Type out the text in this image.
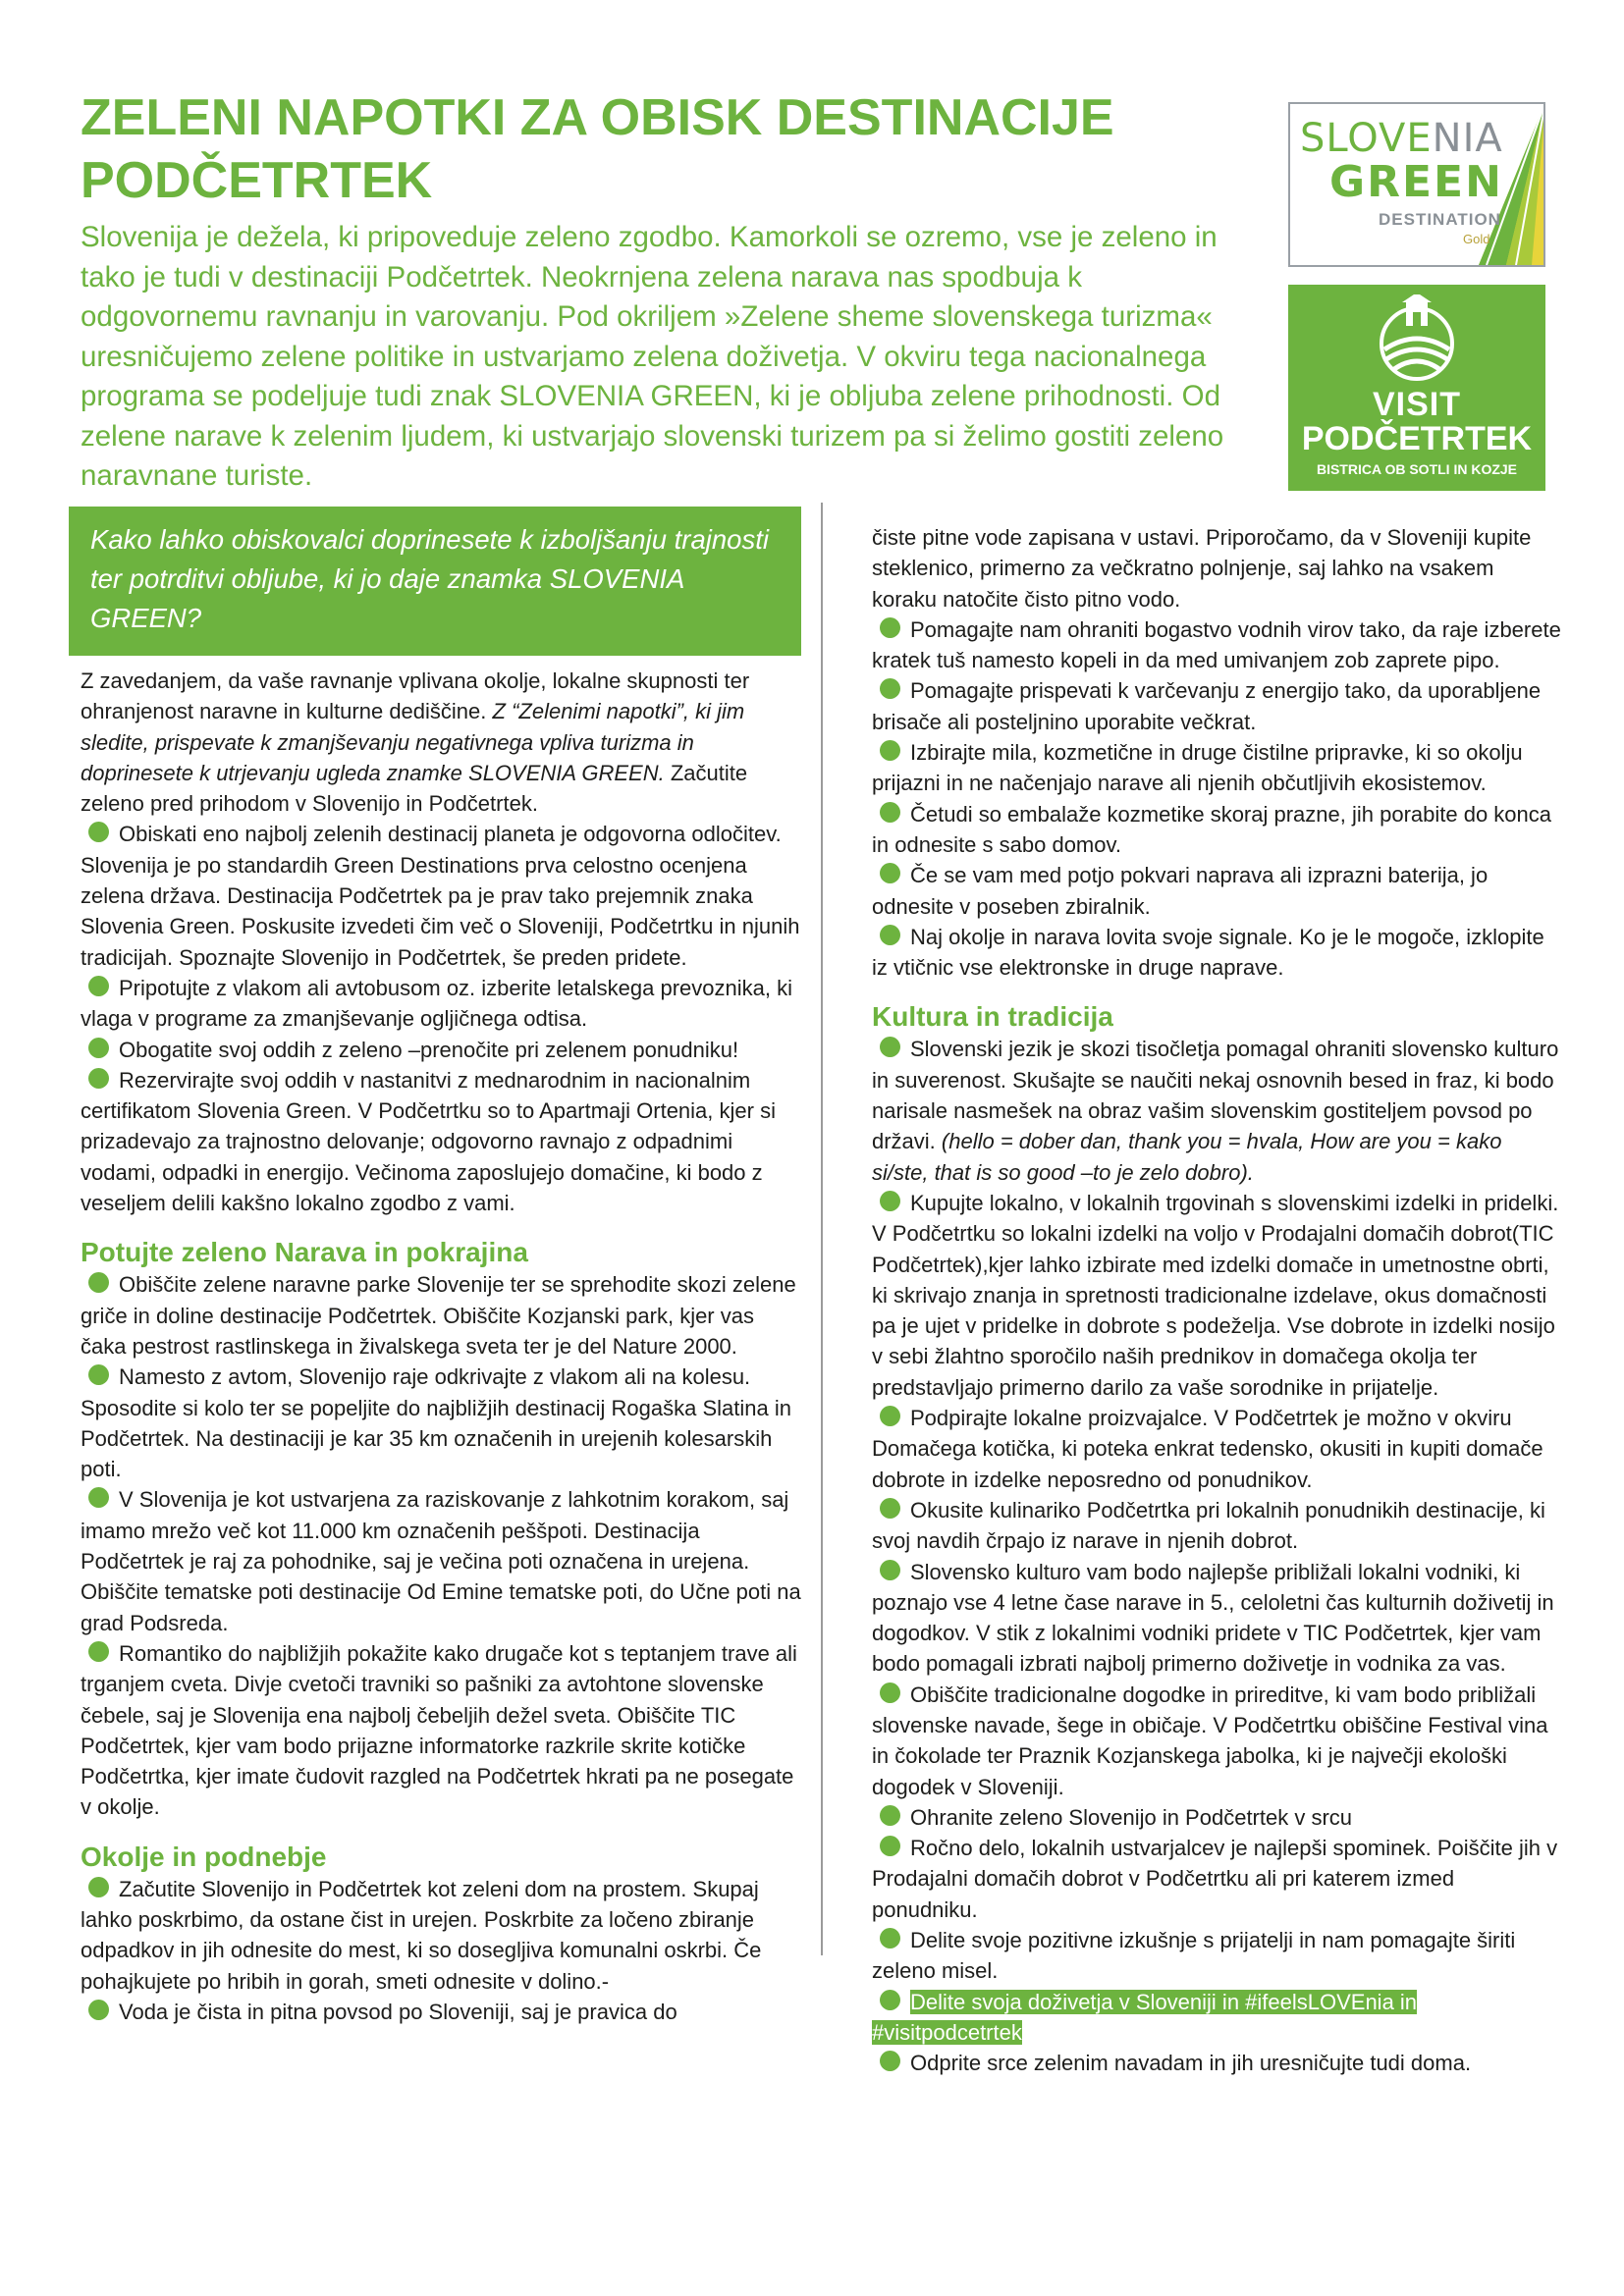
ZELENI NAPOTKI ZA OBISK DESTINACIJE
PODČETRTEK

Slovenija je dežela, ki pripoveduje zeleno zgodbo. Kamorkoli se ozremo, vse je zeleno in tako je tudi v destinaciji Podčetrtek. Neokrnjena zelena narava nas spodbuja k odgovornemu ravnanju in varovanju. Pod okriljem »Zelene sheme slovenskega turizma« uresničujemo zelene politike in ustvarjamo zelena doživetja. V okviru tega nacionalnega programa se podeljuje tudi znak SLOVENIA GREEN, ki je obljuba zelene prihodnosti. Od zelene narave k zelenim ljudem, ki ustvarjajo slovenski turizem pa si želimo gostiti zeleno naravnane turiste.

SLOVENIA
GREEN
DESTINATION
Gold
VISIT
PODČETRTEK
BISTRICA OB SOTLI IN KOZJE

Kako lahko obiskovalci doprinesete k izboljšanju trajnosti ter potrditvi obljube, ki jo daje znamka SLOVENIA GREEN?

Z zavedanjem, da vaše ravnanje vplivana okolje, lokalne skupnosti ter ohranjenost naravne in kulturne dediščine. Z “Zelenimi napotki”, ki jim sledite, prispevate k zmanjševanju negativnega vpliva turizma in doprinesete k utrjevanju ugleda znamke SLOVENIA GREEN. Začutite zeleno pred prihodom v Slovenijo in Podčetrtek.

Obiskati eno najbolj zelenih destinacij planeta je odgovorna odločitev. Slovenija je po standardih Green Destinations prva celostno ocenjena zelena država. Destinacija Podčetrtek pa je prav tako prejemnik znaka Slovenia Green. Poskusite izvedeti čim več o Sloveniji, Podčetrtku in njunih tradicijah. Spoznajte Slovenijo in Podčetrtek, še preden pridete.

Pripotujte z vlakom ali avtobusom oz. izberite letalskega prevoznika, ki vlaga v programe za zmanjševanje ogljičnega odtisa.

Obogatite svoj oddih z zeleno –prenočite pri zelenem ponudniku!

Rezervirajte svoj oddih v nastanitvi z mednarodnim in nacionalnim certifikatom Slovenia Green. V Podčetrtku so to Apartmaji Ortenia, kjer si prizadevajo za trajnostno delovanje; odgovorno ravnajo z odpadnimi vodami, odpadki in energijo. Večinoma zaposlujejo domačine, ki bodo z veseljem delili kakšno lokalno zgodbo z vami.

Potujte zeleno Narava in pokrajina

Obiščite zelene naravne parke Slovenije ter se sprehodite skozi zelene griče in doline destinacije Podčetrtek. Obiščite Kozjanski park, kjer vas čaka pestrost rastlinskega in živalskega sveta ter je del Nature 2000.

Namesto z avtom, Slovenijo raje odkrivajte z vlakom ali na kolesu. Sposodite si kolo ter se popeljite do najbližjih destinacij Rogaška Slatina in Podčetrtek. Na destinaciji je kar 35 km označenih in urejenih kolesarskih poti.

V Slovenija je kot ustvarjena za raziskovanje z lahkotnim korakom, saj imamo mrežo več kot 11.000 km označenih peššpoti. Destinacija Podčetrtek je raj za pohodnike, saj je večina poti označena in urejena. Obiščite tematske poti destinacije Od Emine tematske poti, do Učne poti na grad Podsreda.

Romantiko do najbližjih pokažite kako drugače kot s teptanjem trave ali trganjem cveta. Divje cvetoči travniki so pašniki za avtohtone slovenske čebele, saj je Slovenija ena najbolj čebeljih dežel sveta. Obiščite TIC Podčetrtek, kjer vam bodo prijazne informatorke razkrile skrite kotičke Podčetrtka, kjer imate čudovit razgled na Podčetrtek hkrati pa ne posegate v okolje.

Okolje in podnebje

Začutite Slovenijo in Podčetrtek kot zeleni dom na prostem. Skupaj lahko poskrbimo, da ostane čist in urejen. Poskrbite za ločeno zbiranje odpadkov in jih odnesite do mest, ki so dosegljiva komunalni oskrbi. Če pohajkujete po hribih in gorah, smeti odnesite v dolino.-

Voda je čista in pitna povsod po Sloveniji, saj je pravica do

čiste pitne vode zapisana v ustavi. Priporočamo, da v Sloveniji kupite steklenico, primerno za večkratno polnjenje, saj lahko na vsakem koraku natočite čisto pitno vodo.

Pomagajte nam ohraniti bogastvo vodnih virov tako, da raje izberete kratek tuš namesto kopeli in da med umivanjem zob zaprete pipo.

Pomagajte prispevati k varčevanju z energijo tako, da uporabljene brisače ali posteljnino uporabite večkrat.

Izbirajte mila, kozmetične in druge čistilne pripravke, ki so okolju prijazni in ne načenjajo narave ali njenih občutljivih ekosistemov.

Četudi so embalaže kozmetike skoraj prazne, jih porabite do konca in odnesite s sabo domov.

Če se vam med potjo pokvari naprava ali izprazni baterija, jo odnesite v poseben zbiralnik.

Naj okolje in narava lovita svoje signale. Ko je le mogoče, izklopite iz vtičnic vse elektronske in druge naprave.

Kultura in tradicija

Slovenski jezik je skozi tisočletja pomagal ohraniti slovensko kulturo in suverenost. Skušajte se naučiti nekaj osnovnih besed in fraz, ki bodo narisale nasmešek na obraz vašim slovenskim gostiteljem povsod po državi. (hello = dober dan, thank you = hvala, How are you = kako si/ste, that is so good –to je zelo dobro).

Kupujte lokalno, v lokalnih trgovinah s slovenskimi izdelki in pridelki. V Podčetrtku so lokalni izdelki na voljo v Prodajalni domačih dobrot(TIC Podčetrtek),kjer lahko izbirate med izdelki domače in umetnostne obrti, ki skrivajo znanja in spretnosti tradicionalne izdelave, okus domačnosti pa je ujet v pridelke in dobrote s podeželja. Vse dobrote in izdelki nosijo v sebi žlahtno sporočilo naših prednikov in domačega okolja ter predstavljajo primerno darilo za vaše sorodnike in prijatelje.

Podpirajte lokalne proizvajalce. V Podčetrtek je možno v okviru Domačega kotička, ki poteka enkrat tedensko, okusiti in kupiti domače dobrote in izdelke neposredno od ponudnikov.

Okusite kulinariko Podčetrtka pri lokalnih ponudnikih destinacije, ki svoj navdih črpajo iz narave in njenih dobrot.

Slovensko kulturo vam bodo najlepše približali lokalni vodniki, ki poznajo vse 4 letne čase narave in 5., celoletni čas kulturnih doživetij in dogodkov. V stik z lokalnimi vodniki pridete v TIC Podčetrtek, kjer vam bodo pomagali izbrati najbolj primerno doživetje in vodnika za vas.

Obiščite tradicionalne dogodke in prireditve, ki vam bodo približali slovenske navade, šege in običaje. V Podčetrtku obiščine Festival vina in čokolade ter Praznik Kozjanskega jabolka, ki je največji ekološki dogodek v Sloveniji.

Ohranite zeleno Slovenijo in Podčetrtek v srcu

Ročno delo, lokalnih ustvarjalcev je najlepši spominek. Poiščite jih v Prodajalni domačih dobrot v Podčetrtku ali pri katerem izmed ponudniku.

Delite svoje pozitivne izkušnje s prijatelji in nam pomagajte širiti zeleno misel.

Delite svoja doživetja v Sloveniji in #ifeelsLOVEnia in
#visitpodcetrtek

Odprite srce zelenim navadam in jih uresničujte tudi doma.
